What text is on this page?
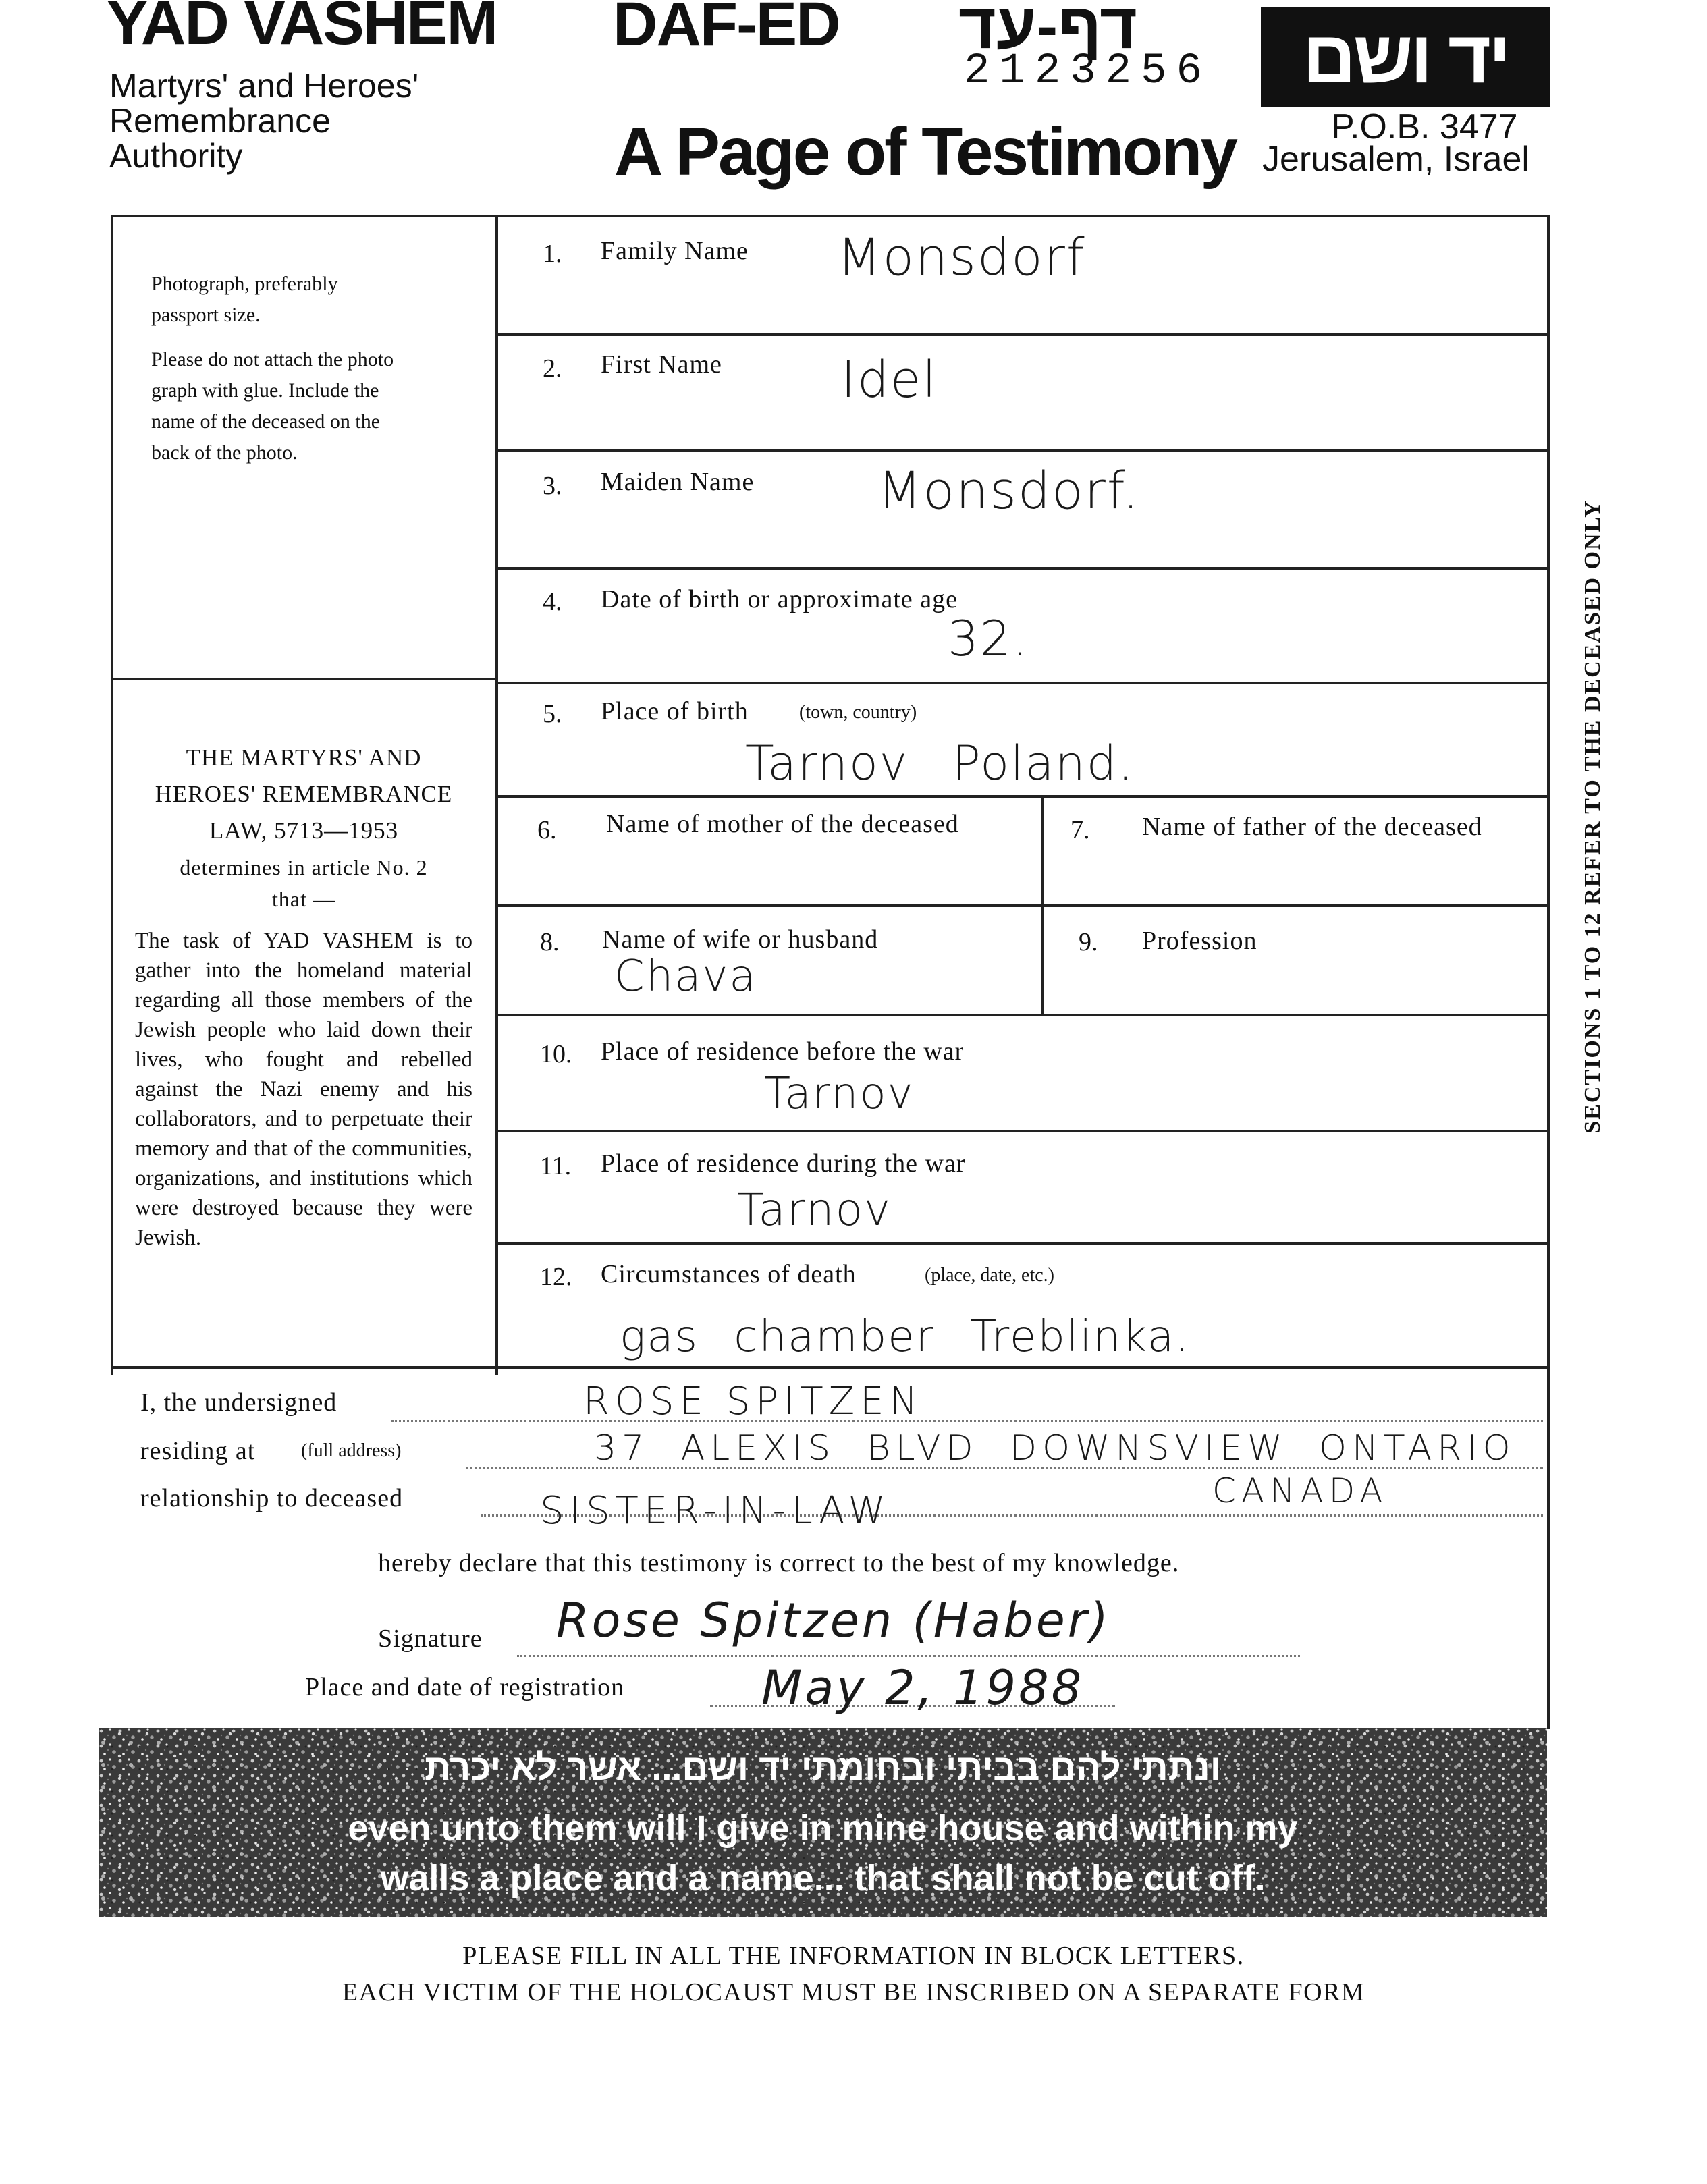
YAD VASHEM
Martyrs' and Heroes'
Remembrance
Authority
DAF-ED דף-עד
2123256
A Page of Testimony
יד ושם
P.O.B. 3477
Jerusalem, Israel
Photograph, preferably
passport size.
Please do not attach the photo
graph with glue. Include the
name of the deceased on the
back of the photo.
THE MARTYRS' AND
HEROES' REMEMBRANCE
LAW, 5713—1953
determines in article No. 2
that —
The task of YAD VASHEM is to gather into the homeland material regarding all those members of the Jewish people who laid down their lives, who fought and rebelled against the Nazi enemy and his collaborators, and to perpetuate their memory and that of the communities, organizations, and institutions which were destroyed because they were Jewish.
1. Family Name Monsdorf
2. First Name Idel
3. Maiden Name Monsdorf.
4. Date of birth or approximate age
32.
5. Place of birth	(town, country)
Tarnov Poland.
6. Name of mother of the deceased	7. Name of father of the deceased
8. Name of wife or husband
Chava
9. Profession
10. Place of residence before the war
Tarnov
11. Place of residence during the war
Tarnov
12. Circumstances of death	(place, date, etc.)
gas chamber Treblinka.
I, the undersigned	ROSE SPITZEN
residing at (full address)	37 ALEXIS BLVD DOWNSVIEW ONTARIO
CANADA
relationship to deceased	SISTER-IN-LAW
hereby declare that this testimony is correct to the best of my knowledge.
Signature Rose Spitzen (Haber)
Place and date of registration	May 2, 1988
ונתתי להם בביתי ובחומתי יד ושם... אשר לא יכרת
even unto them will I give in mine house and within my
walls a place and a name... that shall not be cut off.
SECTIONS 1 TO 12 REFER TO THE DECEASED ONLY
PLEASE FILL IN ALL THE INFORMATION IN BLOCK LETTERS.
EACH VICTIM OF THE HOLOCAUST MUST BE INSCRIBED ON A SEPARATE FORM
